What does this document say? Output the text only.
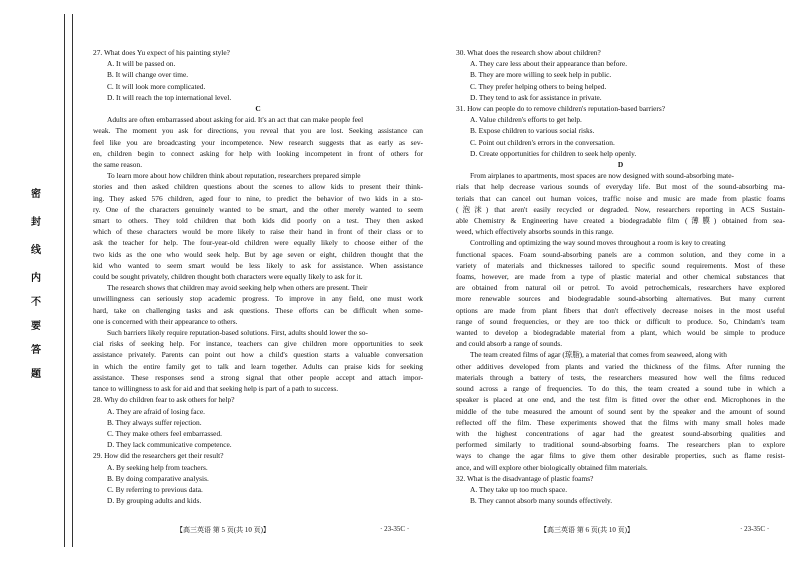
密
封
线
内
不
要
答
题
27. What does Yu expect of his painting style?
A. It will be passed on.
B. It will change over time.
C. It will look more complicated.
D. It will reach the top international level.
C
Adults are often embarrassed about asking for aid. It's an act that can make people feel
weak. The moment you ask for directions, you reveal that you are lost. Seeking assistance can
feel like you are broadcasting your incompetence. New research suggests that as early as sev-
en, children begin to connect asking for help with looking incompetent in front of others for
the same reason.
To learn more about how children think about reputation, researchers prepared simple
stories and then asked children questions about the scenes to allow kids to present their think-
ing. They asked 576 children, aged four to nine, to predict the behavior of two kids in a sto-
ry. One of the characters genuinely wanted to be smart, and the other merely wanted to seem
smart to others. They told children that both kids did poorly on a test. They then asked
which of these characters would be more likely to raise their hand in front of their class or to
ask the teacher for help. The four-year-old children were equally likely to choose either of the
two kids as the one who would seek help. But by age seven or eight, children thought that the
kid who wanted to seem smart would be less likely to ask for assistance. When assistance
could be sought privately, children thought both characters were equally likely to ask for it.
The research shows that children may avoid seeking help when others are present. Their
unwillingness can seriously stop academic progress. To improve in any field, one must work
hard, take on challenging tasks and ask questions. These efforts can be difficult when some-
one is concerned with their appearance to others.
Such barriers likely require reputation-based solutions. First, adults should lower the so-
cial risks of seeking help. For instance, teachers can give children more opportunities to seek
assistance privately. Parents can point out how a child's question starts a valuable conversation
in which the entire family get to talk and learn together. Adults can praise kids for seeking
assistance. These responses send a strong signal that other people accept and attach impor-
tance to willingness to ask for aid and that seeking help is part of a path to success.
28. Why do children fear to ask others for help?
A. They are afraid of losing face.
B. They always suffer rejection.
C. They make others feel embarrassed.
D. They lack communicative competence.
29. How did the researchers get their result?
A. By seeking help from teachers.
B. By doing comparative analysis.
C. By referring to previous data.
D. By grouping adults and kids.
30. What does the research show about children?
A. They care less about their appearance than before.
B. They are more willing to seek help in public.
C. They prefer helping others to being helped.
D. They tend to ask for assistance in private.
31. How can people do to remove children's reputation-based barriers?
A. Value children's efforts to get help.
B. Expose children to various social risks.
C. Point out children's errors in the conversation.
D. Create opportunities for children to seek help openly.
D
From airplanes to apartments, most spaces are now designed with sound-absorbing mate-
rials that help decrease various sounds of everyday life. But most of the sound-absorbing ma-
terials that can cancel out human voices, traffic noise and music are made from plastic foams
(泡沫) that aren't easily recycled or degraded. Now, researchers reporting in ACS Sustain-
able Chemistry & Engineering have created a biodegradable film (薄膜) obtained from sea-
weed, which effectively absorbs sounds in this range.
Controlling and optimizing the way sound moves throughout a room is key to creating
functional spaces. Foam sound-absorbing panels are a common solution, and they come in a
variety of materials and thicknesses tailored to specific sound requirements. Most of these
foams, however, are made from a type of plastic material and other chemical substances that
are obtained from natural oil or petrol. To avoid petrochemicals, researchers have explored
more renewable sources and biodegradable sound-absorbing alternatives. But many current
options are made from plant fibers that don't effectively decrease noises in the most useful
range of sound frequencies, or they are too thick or difficult to produce. So, Chindam's team
wanted to develop a biodegradable material from a plant, which would be simple to produce
and could absorb a range of sounds.
The team created films of agar (琼脂), a material that comes from seaweed, along with
other additives developed from plants and varied the thickness of the films. After running the
materials through a battery of tests, the researchers measured how well the films reduced
sound across a range of frequencies. To do this, the team created a sound tube in which a
speaker is placed at one end, and the test film is fitted over the other end. Microphones in the
middle of the tube measured the amount of sound sent by the speaker and the amount of sound
reflected off the film. These experiments showed that the films with many small holes made
with the highest concentrations of agar had the greatest sound-absorbing qualities and
performed similarly to traditional sound-absorbing foams. The researchers plan to explore
ways to change the agar films to give them other desirable properties, such as flame resist-
ance, and will explore other biologically obtained film materials.
32. What is the disadvantage of plastic foams?
A. They take up too much space.
B. They cannot absorb many sounds effectively.
【高三英语 第 5 页(共 10 页)】	· 23-35C ·	【高三英语 第 6 页(共 10 页)】	· 23-35C ·
